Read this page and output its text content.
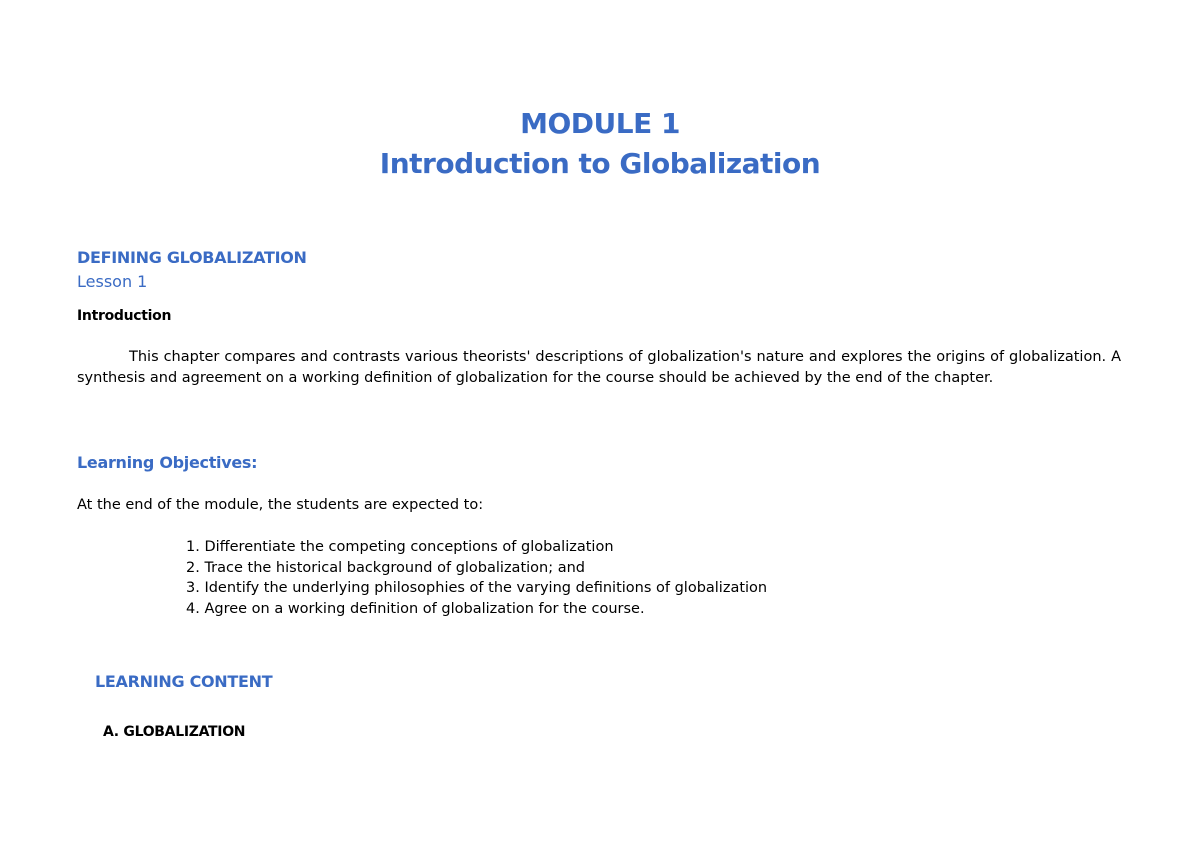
MODULE 1
Introduction to Globalization
DEFINING GLOBALIZATION
Lesson 1
Introduction

This chapter compares and contrasts various theorists' descriptions of globalization's nature and explores the origins of globalization. A synthesis and agreement on a working definition of globalization for the course should be achieved by the end of the chapter.

Learning Objectives:
At the end of the module, the students are expected to:
1. Differentiate the competing conceptions of globalization
2. Trace the historical background of globalization; and
3. Identify the underlying philosophies of the varying definitions of globalization
4. Agree on a working definition of globalization for the course.
LEARNING CONTENT
A. GLOBALIZATION
